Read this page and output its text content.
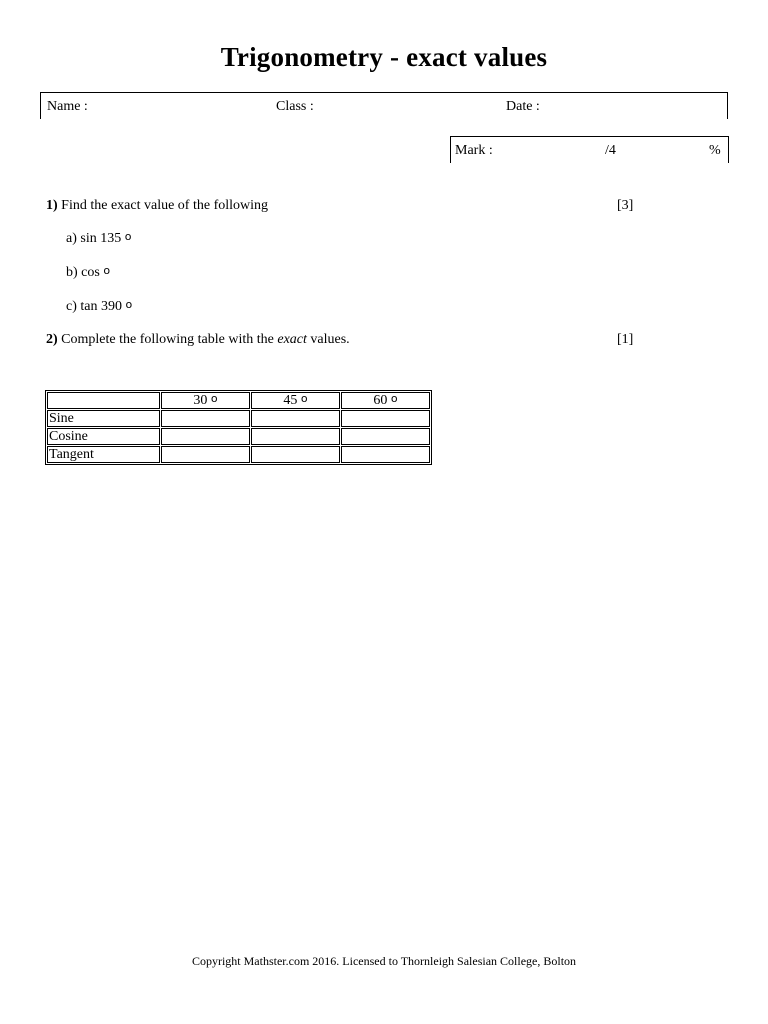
Trigonometry - exact values
Name :	Class :	Date :
Mark :	/4	%
1) Find the exact value of the following	[3]
a) sin 135 o
b) cos o
c) tan 390 o
2) Complete the following table with the exact values.	[1]
	30 o	45 o	60 o
Sine			
Cosine			
Tangent			
Copyright Mathster.com 2016. Licensed to Thornleigh Salesian College, Bolton
